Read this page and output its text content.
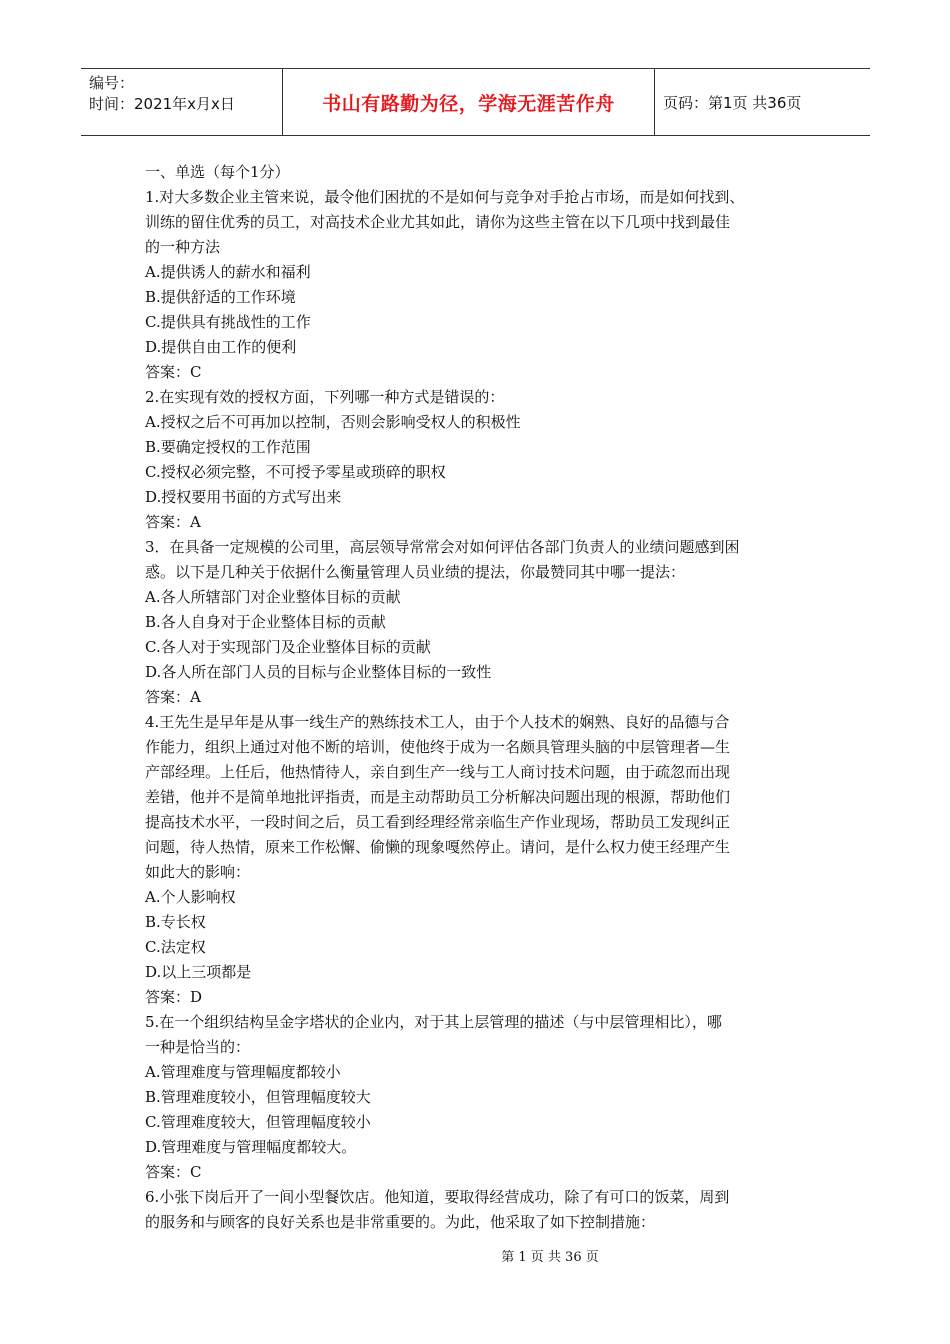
编号：
时间：2021年x月x日	书山有路勤为径，学海无涯苦作舟	页码：第1页 共36页
一、单选（每个1分）
1.对大多数企业主管来说，最令他们困扰的不是如何与竞争对手抢占市场，而是如何找到、
训练的留住优秀的员工，对高技术企业尤其如此，请你为这些主管在以下几项中找到最佳
的一种方法
A.提供诱人的薪水和福利
B.提供舒适的工作环境
C.提供具有挑战性的工作
D.提供自由工作的便利
答案：C
2.在实现有效的授权方面，下列哪一种方式是错误的：
A.授权之后不可再加以控制，否则会影响受权人的积极性
B.要确定授权的工作范围
C.授权必须完整，不可授予零星或琐碎的职权
D.授权要用书面的方式写出来
答案：A
3．在具备一定规模的公司里，高层领导常常会对如何评估各部门负责人的业绩问题感到困
惑。以下是几种关于依据什么衡量管理人员业绩的提法，你最赞同其中哪一提法：
A.各人所辖部门对企业整体目标的贡献
B.各人自身对于企业整体目标的贡献
C.各人对于实现部门及企业整体目标的贡献
D.各人所在部门人员的目标与企业整体目标的一致性
答案：A
4.王先生是早年是从事一线生产的熟练技术工人，由于个人技术的娴熟、良好的品德与合
作能力，组织上通过对他不断的培训，使他终于成为一名颇具管理头脑的中层管理者—生
产部经理。上任后，他热情待人，亲自到生产一线与工人商讨技术问题，由于疏忽而出现
差错，他并不是简单地批评指责，而是主动帮助员工分析解决问题出现的根源，帮助他们
提高技术水平，一段时间之后，员工看到经理经常亲临生产作业现场，帮助员工发现纠正
问题，待人热情，原来工作松懈、偷懒的现象嘎然停止。请问，是什么权力使王经理产生
如此大的影响：
A.个人影响权
B.专长权
C.法定权
D.以上三项都是
答案：D
5.在一个组织结构呈金字塔状的企业内，对于其上层管理的描述（与中层管理相比），哪
一种是恰当的：
A.管理难度与管理幅度都较小
B.管理难度较小，但管理幅度较大
C.管理难度较大，但管理幅度较小
D.管理难度与管理幅度都较大。
答案：C
6.小张下岗后开了一间小型餐饮店。他知道，要取得经营成功，除了有可口的饭菜，周到
的服务和与顾客的良好关系也是非常重要的。为此，他采取了如下控制措施：
第 1 页 共 36 页
